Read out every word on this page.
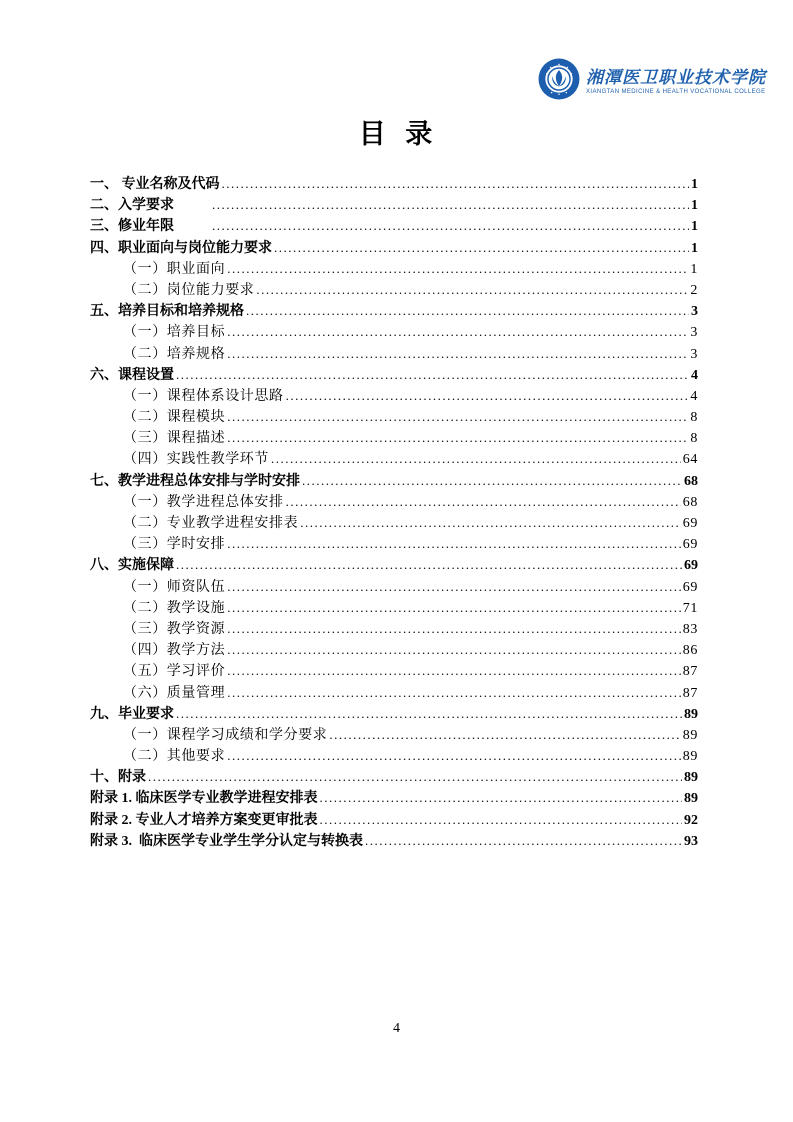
湘潭医卫职业技术学院
XIANGTAN MEDICINE & HEALTH VOCATIONAL COLLEGE
目  录
一、 专业名称及代码 .....	1
二、入学要求 .....	1
三、修业年限 .....	1
四、职业面向与岗位能力要求 .....	1
（一）职业面向 .....	1
（二）岗位能力要求 .....	2
五、培养目标和培养规格 .....	3
（一）培养目标 .....	3
（二）培养规格 .....	3
六、课程设置 .....	4
（一）课程体系设计思路 .....	4
（二）课程模块 .....	8
（三）课程描述 .....	8
（四）实践性教学环节 .....	64
七、教学进程总体安排与学时安排 .....	68
（一）教学进程总体安排 .....	68
（二）专业教学进程安排表 .....	69
（三）学时安排 .....	69
八、实施保障 .....	69
（一）师资队伍 .....	69
（二）教学设施 .....	71
（三）教学资源 .....	83
（四）教学方法 .....	86
（五）学习评价 .....	87
（六）质量管理 .....	87
九、毕业要求 .....	89
（一）课程学习成绩和学分要求 .....	89
（二）其他要求 .....	89
十、附录 .....	89
附录 1. 临床医学专业教学进程安排表 .....	89
附录 2. 专业人才培养方案变更审批表 .....	92
附录 3.  临床医学专业学生学分认定与转换表 .....	93
4
